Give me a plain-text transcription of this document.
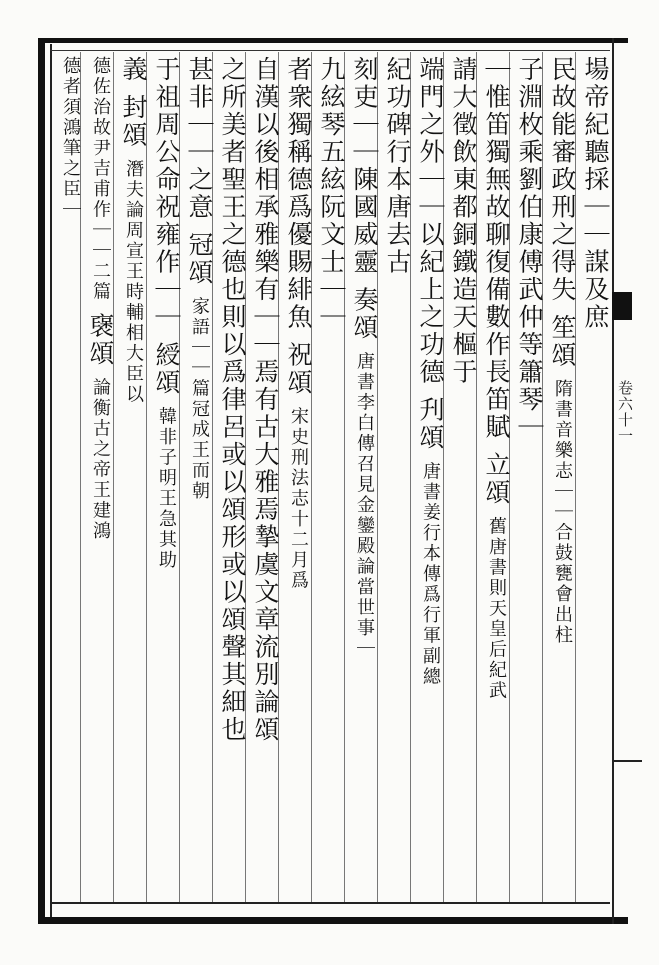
卷六十一
場帝紀聽採｜｜謀及庶
民故能審政刑之得失 笙頌 隋書音樂志｜｜合鼓甕會出柱
子淵枚乘劉伯康傅武仲等簫琴｜
｜惟笛獨無故聊復備數作長笛賦 立頌 舊唐書則天皇后紀武
請大徵飲東都銅鐵造天樞于
端門之外｜｜以紀上之功德 刋頌 唐書姜行本傳爲行軍副總
紀功碑行本唐去古
刻吏｜｜陳國威靈 奏頌 唐書李白傳召見金鑾殿論當世事｜
九絃琴五絃阮文士｜｜
者衆獨稱德爲優賜緋魚 祝頌 宋史刑法志十二月爲
自漢以後相承雅樂有｜｜焉有古大雅焉摯虞文章流別論頌
之所美者聖王之德也則以爲律呂或以頌形或以頌聲其細也
甚非｜｜之意 冠頌 家語｜｜篇冠成王而朝
于祖周公命祝雍作｜｜ 綬頌 韓非子明王急其助
義 封頌 潛夫論周宣王時輔相大臣以
德佐治故尹吉甫作｜｜二篇 襃頌 論衡古之帝王建鴻
德者須鴻筆之臣｜
